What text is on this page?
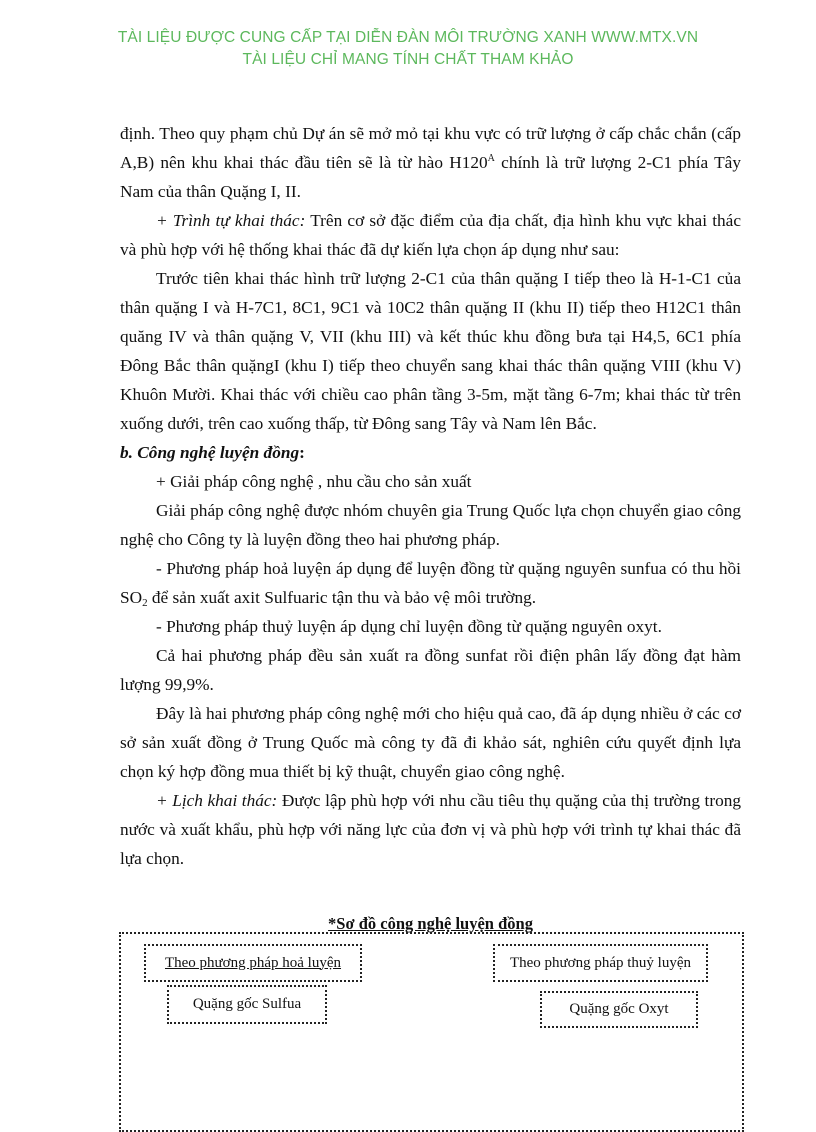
TÀI LIỆU ĐƯỢC CUNG CẤP TẠI DIỄN ĐÀN MÔI TRƯỜNG XANH WWW.MTX.VN
TÀI LIỆU CHỈ MANG TÍNH CHẤT THAM KHẢO

định. Theo quy phạm chủ Dự án sẽ mở mỏ tại khu vực có trữ lượng ở cấp chắc chắn (cấp A,B) nên khu khai thác đầu tiên sẽ là từ hào $H120^A$ chính là trữ lượng 2-C1 phía Tây Nam của thân Quặng I, II.

+ Trình tự khai thác: Trên cơ sở đặc điểm của địa chất, địa hình khu vực khai thác và phù hợp với hệ thống khai thác đã dự kiến lựa chọn áp dụng như sau:

Trước tiên khai thác hình trữ lượng 2-C1 của thân quặng I tiếp theo là H-1-C1 của thân quặng I và H-7C1, 8C1, 9C1 và 10C2 thân quặng II (khu II) tiếp theo H12C1 thân quăng IV và thân quặng V, VII (khu III) và kết thúc khu đồng bưa tại H4,5, 6C1 phía Đông Bắc thân quặngI (khu I) tiếp theo chuyển sang khai thác thân quặng VIII (khu V) Khuôn Mười. Khai thác với chiều cao phân tầng 3-5m, mặt tầng 6-7m; khai thác từ trên xuống dưới, trên cao xuống thấp, từ Đông sang Tây và Nam lên Bắc.

b. Công nghệ luyện đồng:

+ Giải pháp công nghệ , nhu cầu cho sản xuất

Giải pháp công nghệ được nhóm chuyên gia Trung Quốc lựa chọn chuyển giao công nghệ cho Công ty là luyện đồng theo hai phương pháp.

- Phương pháp hoả luyện áp dụng để luyện đồng từ quặng nguyên sunfua có thu hồi $SO_2$ để sản xuất axit Sulfuaric tận thu và bảo vệ môi trường.

- Phương pháp thuỷ luyện áp dụng chỉ luyện đồng từ quặng nguyên oxyt.

Cả hai phương pháp đều sản xuất ra đồng sunfat rồi điện phân lấy đồng đạt hàm lượng 99,9%.

Đây là hai phương pháp công nghệ mới cho hiệu quả cao, đã áp dụng nhiều ở các cơ sở sản xuất đồng ở Trung Quốc mà công ty đã đi khảo sát, nghiên cứu quyết định lựa chọn ký hợp đồng mua thiết bị kỹ thuật, chuyển giao công nghệ.

+ Lịch khai thác: Được lập phù hợp với nhu cầu tiêu thụ quặng của thị trường trong nước và xuất khẩu, phù hợp với năng lực của đơn vị và phù hợp với trình tự khai thác đã lựa chọn.

*Sơ đồ công nghệ luyện đồng
Theo phương pháp hoả luyện	Theo phương pháp thuỷ luyện
Quặng gốc Sulfua	Quặng gốc Oxyt
